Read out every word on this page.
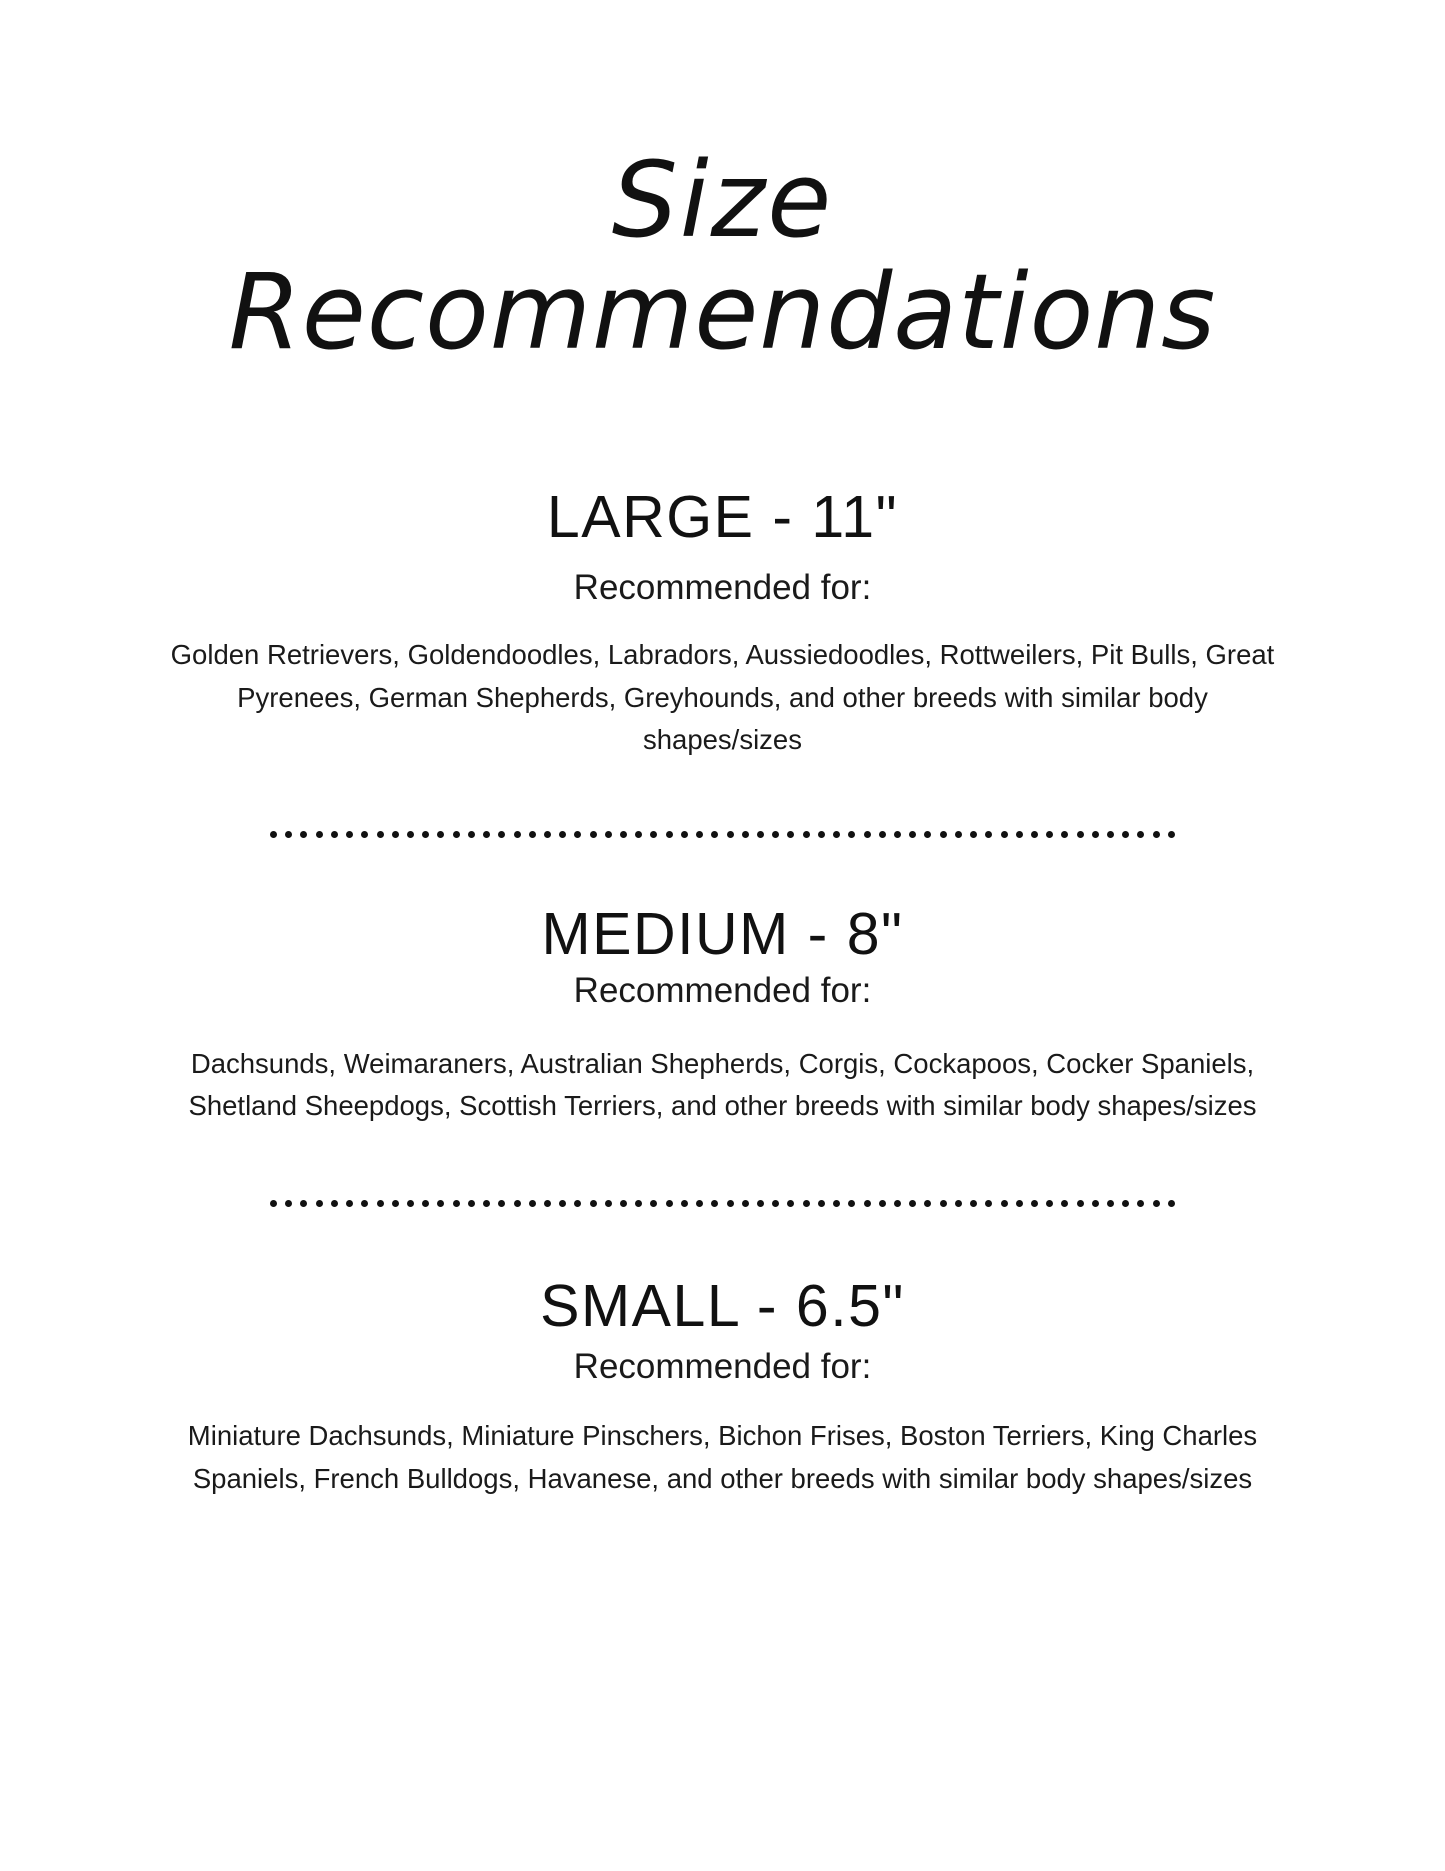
Size
Recommendations
LARGE - 11"
Recommended for:
Golden Retrievers, Goldendoodles, Labradors, Aussiedoodles, Rottweilers, Pit Bulls, Great Pyrenees, German Shepherds, Greyhounds, and other breeds with similar body shapes/sizes
MEDIUM - 8"
Recommended for:
Dachsunds, Weimaraners, Australian Shepherds, Corgis, Cockapoos, Cocker Spaniels, Shetland Sheepdogs, Scottish Terriers, and other breeds with similar body shapes/sizes
SMALL - 6.5"
Recommended for:
Miniature Dachsunds, Miniature Pinschers, Bichon Frises, Boston Terriers, King Charles Spaniels, French Bulldogs, Havanese, and other breeds with similar body shapes/sizes
